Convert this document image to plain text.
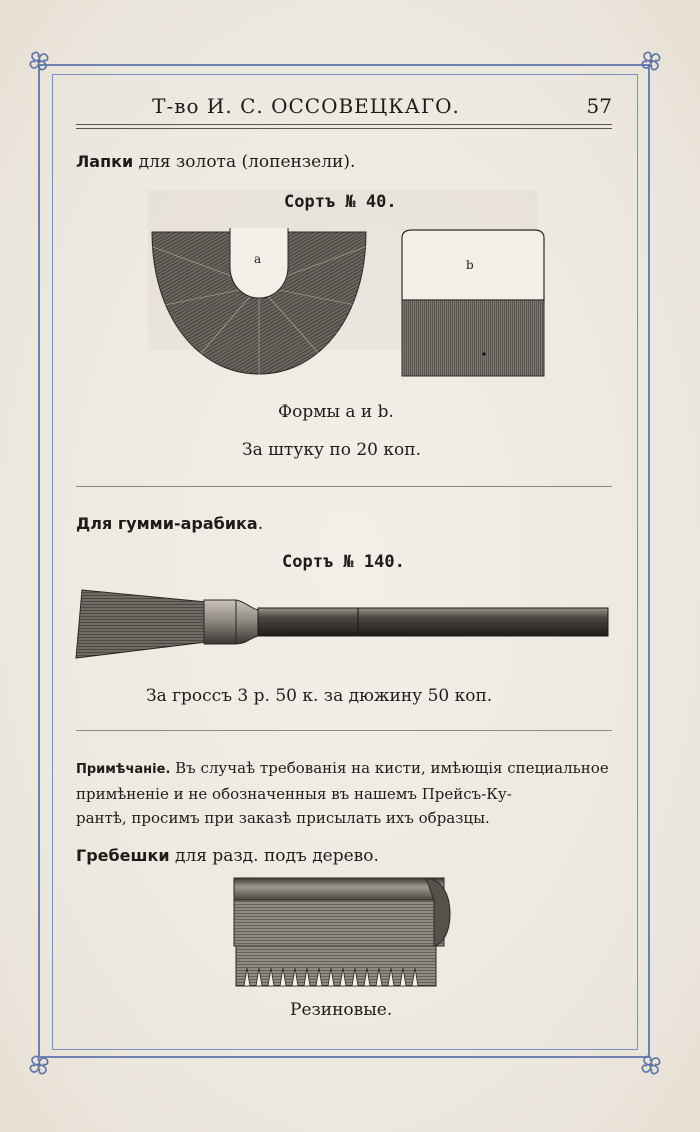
Т-во И. С. ОССОВЕЦКАГО.	57
Лапки для золота (лопензели).
Сортъ № 40.
a	b
Формы а и b.
За штуку по 20 коп.
Для гумми-арабика.
Сортъ № 140.
За гроссъ 3 р. 50 к. за дюжину 50 коп.
Примѣчаніе. Въ случаѣ требованія на кисти, имѣющія специальное
примѣненіе и не обозначенныя въ нашемъ Прейсъ-Ку-
рантѣ, просимъ при заказѣ присылать ихъ образцы.
Гребешки для разд. подъ дерево.
Резиновые.
